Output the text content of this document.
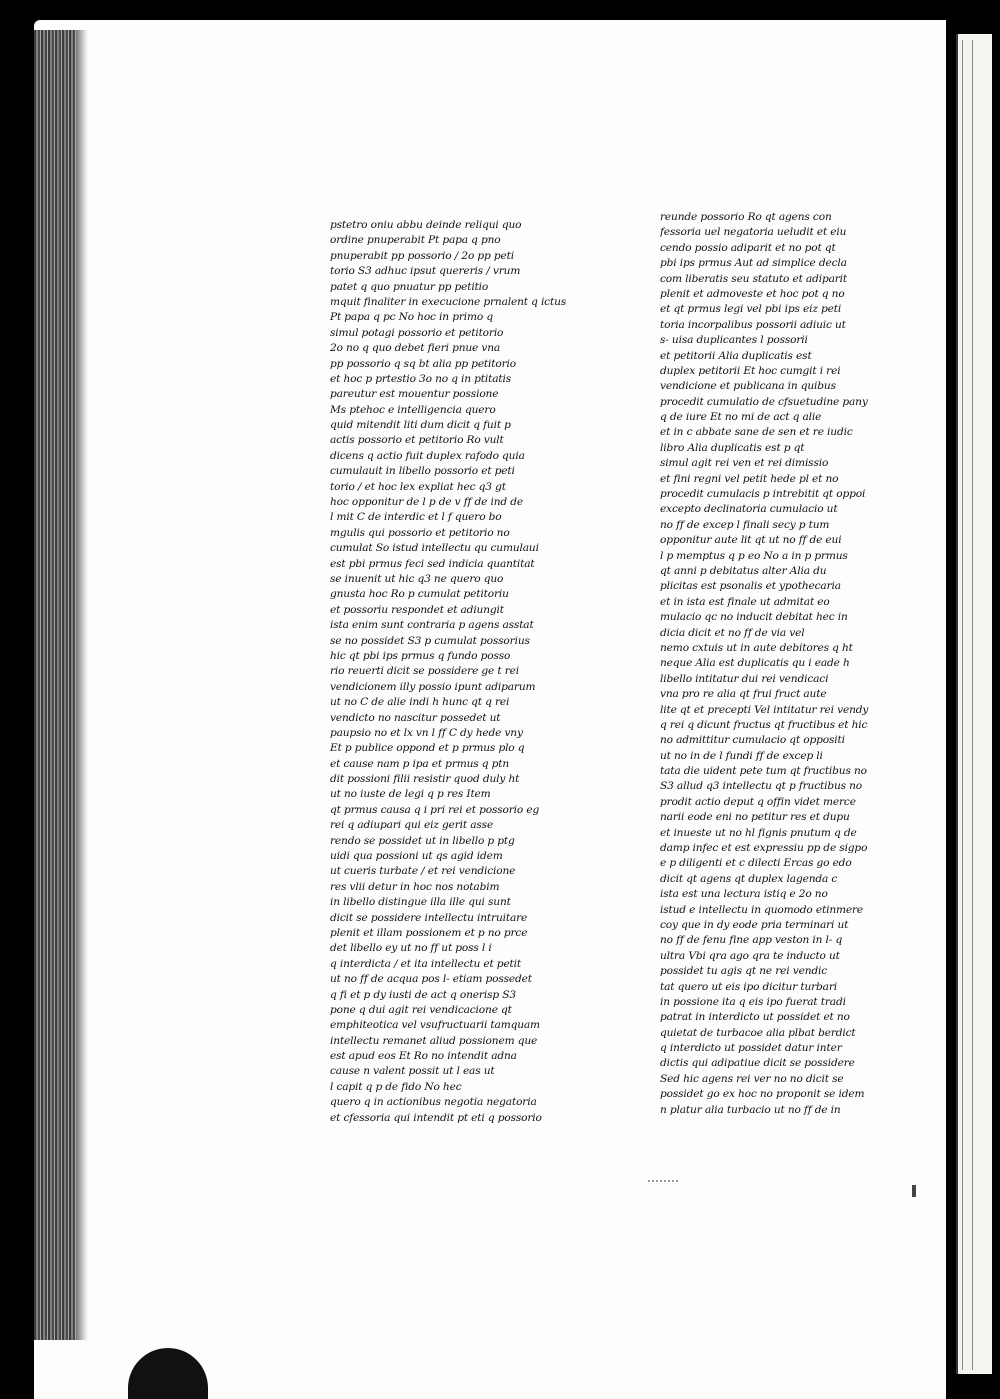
pstetro oniu abbu deinde reliqui quo
ordine pnuperabit Pt papa q pno
pnuperabit pp possorio / 2o pp peti
torio S3 adhuc ipsut quereris / vrum
patet q quo pnuatur pp petitio
mquit finaliter in execucione prnalent q ictus
Pt papa q pc No hoc in primo q
simul potagi possorio et petitorio
2o no q quo debet fieri pnue vna
pp possorio q sq bt alia pp petitorio
et hoc p prtestio 3o no q in ptitatis
pareutur est mouentur possione
Ms ptehoc e intelligencia quero
quid mitendit liti dum dicit q fuit p
actis possorio et petitorio Ro vult
dicens q actio fuit duplex rafodo quia
cumulauit in libello possorio et peti
torio / et hoc lex expliat hec q3 gt
hoc opponitur de l p de v ff de ind de
l mit C de interdic et l f quero bo
mgulis qui possorio et petitorio no
cumulat So istud intellectu qu cumulaui
est pbi prmus feci sed indicia quantitat
se inuenit ut hic q3 ne quero quo
gnusta hoc Ro p cumulat petitoriu
et possoriu respondet et adiungit
ista enim sunt contraria p agens asstat
se no possidet S3 p cumulat possorius
hic qt pbi ips prmus q fundo posso
rio reuerti dicit se possidere ge t rei
vendicionem illy possio ipunt adiparum
ut no C de alie indi h hunc qt q rei
vendicto no nascitur possedet ut
paupsio no et lx vn l ff C dy hede vny
Et p publice oppond et p prmus plo q
et cause nam p ipa et prmus q ptn
dit possioni filii resistir quod duly ht
ut no iuste de legi q p res Item
qt prmus causa q i pri rei et possorio eg
rei q adiupari qui eiz gerit asse
rendo se possidet ut in libello p ptg
uidi qua possioni ut qs agid idem
ut cueris turbate / et rei vendicione
res vlii detur in hoc nos notabim
in libello distingue illa ille qui sunt
dicit se possidere intellectu intruitare
plenit et illam possionem et p no prce
det libello ey ut no ff ut poss l i
q interdicta / et ita intellectu et petit
ut no ff de acqua pos l- etiam possedet
q fi et p dy iusti de act q onerisp S3
pone q dui agit rei vendicacione qt
emphiteotica vel vsufructuarii tamquam
intellectu remanet aliud possionem que
est apud eos Et Ro no intendit adna
cause n valent possit ut l eas ut
l capit q p de fido No hec
quero q in actionibus negotia negatoria
et cfessoria qui intendit pt eti q possorio
reunde possorio Ro qt agens con
fessoria uel negatoria ueludit et eiu
cendo possio adiparit et no pot qt
pbi ips prmus Aut ad simplice decla
com liberatis seu statuto et adiparit
plenit et admoveste et hoc pot q no
et qt prmus legi vel pbi ips eiz peti
toria incorpalibus possorii adiuic ut
s- uisa duplicantes l possorii
et petitorii Alia duplicatis est
duplex petitorii Et hoc cumgit i rei
vendicione et publicana in quibus
procedit cumulatio de cfsuetudine pany
q de iure Et no mi de act q alie
et in c abbate sane de sen et re iudic
libro Alia duplicatis est p qt
simul agit rei ven et rei dimissio
et fini regni vel petit hede pl et no
procedit cumulacis p intrebitit qt oppoi
excepto declinatoria cumulacio ut
no ff de excep l finali secy p tum
opponitur aute lit qt ut no ff de eui
l p memptus q p eo No a in p prmus
qt anni p debitatus alter Alia du
plicitas est psonalis et ypothecaria
et in ista est finale ut admitat eo
mulacio qc no inducit debitat hec in
dicia dicit et no ff de via vel
nemo cxtuis ut in aute debitores q ht
neque Alia est duplicatis qu i eade h
libello intitatur dui rei vendicaci
vna pro re alia qt frui fruct aute
lite qt et precepti Vel intitatur rei vendy
q rei q dicunt fructus qt fructibus et hic
no admittitur cumulacio qt oppositi
ut no in de l fundi ff de excep li
tata die uident pete tum qt fructibus no
S3 allud q3 intellectu qt p fructibus no
prodit actio deput q offin videt merce
narii eode eni no petitur res et dupu
et inueste ut no hl fignis pnutum q de
damp infec et est expressiu pp de sigpo
e p diligenti et c dilecti Ercas go edo
dicit qt agens qt duplex lagenda c
ista est una lectura istiq e 2o no
istud e intellectu in quomodo etinmere
coy que in dy eode pria terminari ut
no ff de fenu fine app veston in l- q
ultra Vbi qra ago qra te inducto ut
possidet tu agis qt ne rei vendic
tat quero ut eis ipo dicitur turbari
in possione ita q eis ipo fuerat tradi
patrat in interdicto ut possidet et no
quietat de turbacoe alia plbat berdict
q interdicto ut possidet datur inter
dictis qui adipatiue dicit se possidere
Sed hic agens rei ver no no dicit se
possidet go ex hoc no proponit se idem
n platur alia turbacio ut no ff de in
